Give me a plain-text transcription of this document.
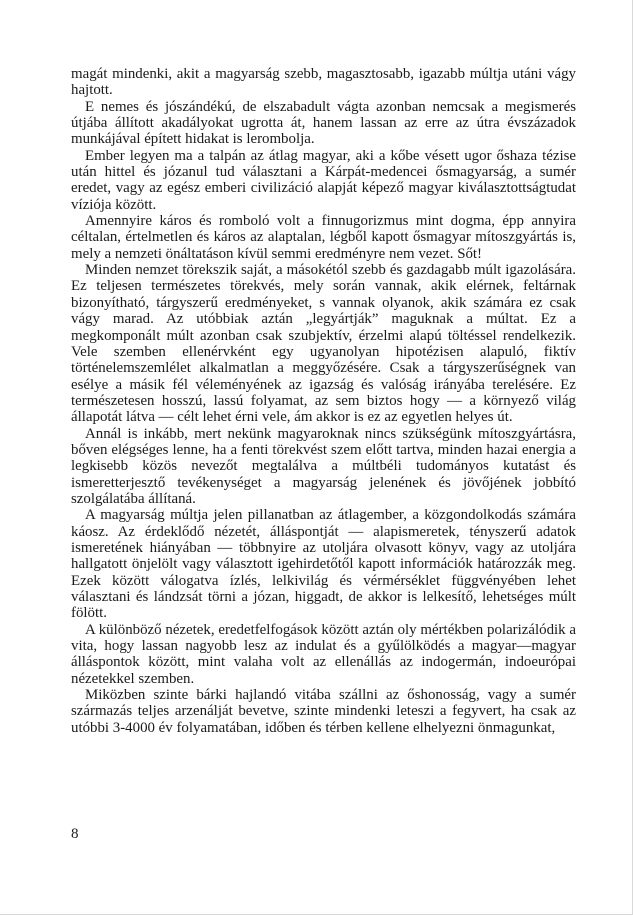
magát mindenki, akit a magyarság szebb, magasztosabb, igazabb múltja utáni vágy hajtott.

E nemes és jószándékú, de elszabadult vágta azonban nemcsak a megismerés útjába állított akadályokat ugrotta át, hanem lassan az erre az útra évszázadok munkájával épített hidakat is lerombolja.

Ember legyen ma a talpán az átlag magyar, aki a kőbe vésett ugor őshaza tézise után hittel és józanul tud választani a Kárpát-medencei ősmagyarság, a sumér eredet, vagy az egész emberi civilizáció alapját képező magyar kiválasztottságtudat víziója között.

Amennyire káros és romboló volt a finnugorizmus mint dogma, épp annyira céltalan, értelmetlen és káros az alaptalan, légből kapott ősmagyar mítoszgyártás is, mely a nemzeti önáltatáson kívül semmi eredményre nem vezet. Sőt!

Minden nemzet törekszik saját, a másokétól szebb és gazdagabb múlt igazolására. Ez teljesen természetes törekvés, mely során vannak, akik elérnek, feltárnak bizonyítható, tárgyszerű eredményeket, s vannak olyanok, akik számára ez csak vágy marad. Az utóbbiak aztán „legyártják” maguknak a múltat. Ez a megkomponált múlt azonban csak szubjektív, érzelmi alapú töltéssel rendelkezik. Vele szemben ellenérvként egy ugyanolyan hipotézisen alapuló, fiktív történelemszemlélet alkalmatlan a meggyőzésére. Csak a tárgyszerűségnek van esélye a másik fél véleményének az igazság és valóság irányába terelésére. Ez természetesen hosszú, lassú folyamat, az sem biztos hogy — a környező világ állapotát látva — célt lehet érni vele, ám akkor is ez az egyetlen helyes út.

Annál is inkább, mert nekünk magyaroknak nincs szükségünk mítoszgyártásra, bőven elégséges lenne, ha a fenti törekvést szem előtt tartva, minden hazai energia a legkisebb közös nevezőt megtalálva a múltbéli tudományos kutatást és ismeretterjesztő tevékenységet a magyarság jelenének és jövőjének jobbító szolgálatába állítaná.

A magyarság múltja jelen pillanatban az átlagember, a közgondolkodás számára káosz. Az érdeklődő nézetét, álláspontját — alapismeretek, tényszerű adatok ismeretének hiányában — többnyire az utoljára olvasott könyv, vagy az utoljára hallgatott önjelölt vagy választott igehirdetőtől kapott információk határozzák meg. Ezek között válogatva ízlés, lelkivilág és vérmérséklet függvényében lehet választani és lándzsát törni a józan, higgadt, de akkor is lelkesítő, lehetséges múlt fölött.

A különböző nézetek, eredetfelfogások között aztán oly mértékben polarizálódik a vita, hogy lassan nagyobb lesz az indulat és a gyűlölködés a magyar—magyar álláspontok között, mint valaha volt az ellenállás az indogermán, indoeurópai nézetekkel szemben.

Miközben szinte bárki hajlandó vitába szállni az őshonosság, vagy a sumér származás teljes arzenálját bevetve, szinte mindenki leteszi a fegyvert, ha csak az utóbbi 3-4000 év folyamatában, időben és térben kellene elhelyezni önmagunkat,

8
